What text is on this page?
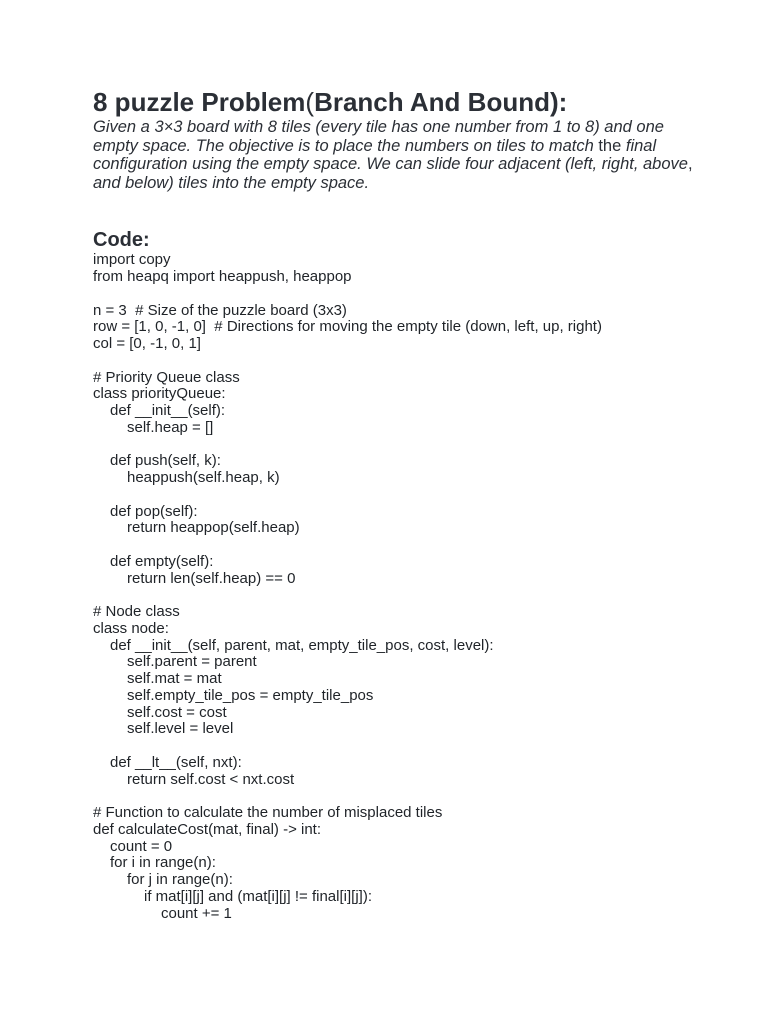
8 puzzle Problem(Branch And Bound):

Given a 3×3 board with 8 tiles (every tile has one number from 1 to 8) and one empty space. The objective is to place the numbers on tiles to match the final configuration using the empty space. We can slide four adjacent (left, right, above, and below) tiles into the empty space.

Code:
import copy
from heapq import heappush, heappop
n = 3  # Size of the puzzle board (3x3)
row = [1, 0, -1, 0]  # Directions for moving the empty tile (down, left, up, right)
col = [0, -1, 0, 1]
# Priority Queue class
class priorityQueue:
def __init__(self):
self.heap = []
def push(self, k):
heappush(self.heap, k)
def pop(self):
return heappop(self.heap)
def empty(self):
return len(self.heap) == 0
# Node class
class node:
def __init__(self, parent, mat, empty_tile_pos, cost, level):
self.parent = parent
self.mat = mat
self.empty_tile_pos = empty_tile_pos
self.cost = cost
self.level = level
def __lt__(self, nxt):
return self.cost < nxt.cost
# Function to calculate the number of misplaced tiles
def calculateCost(mat, final) -> int:
count = 0
for i in range(n):
for j in range(n):
if mat[i][j] and (mat[i][j] != final[i][j]):
count += 1
